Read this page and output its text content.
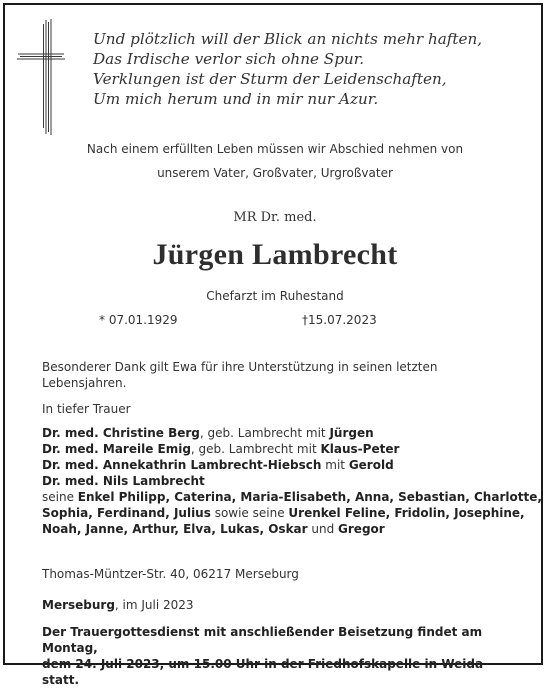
Und plötzlich will der Blick an nichts mehr haften,
Das Irdische verlor sich ohne Spur.
Verklungen ist der Sturm der Leidenschaften,
Um mich herum und in mir nur Azur.
Nach einem erfüllten Leben müssen wir Abschied nehmen von
unserem Vater, Großvater, Urgroßvater
MR Dr. med.
Jürgen Lambrecht
Chefarzt im Ruhestand
* 07.01.1929	†15.07.2023
Besonderer Dank gilt Ewa für ihre Unterstützung in seinen letzten
Lebensjahren.
In tiefer Trauer
Dr. med. Christine Berg, geb. Lambrecht mit Jürgen
Dr. med. Mareile Emig, geb. Lambrecht mit Klaus-Peter
Dr. med. Annekathrin Lambrecht-Hiebsch mit Gerold
Dr. med. Nils Lambrecht
seine Enkel Philipp, Caterina, Maria-Elisabeth, Anna, Sebastian, Charlotte,
Sophia, Ferdinand, Julius sowie seine Urenkel Feline, Fridolin, Josephine,
Noah, Janne, Arthur, Elva, Lukas, Oskar und Gregor
Thomas-Müntzer-Str. 40, 06217 Merseburg
Merseburg, im Juli 2023
Der Trauergottesdienst mit anschließender Beisetzung findet am Montag,
dem 24. Juli 2023, um 15.00 Uhr in der Friedhofskapelle in Weida statt.
